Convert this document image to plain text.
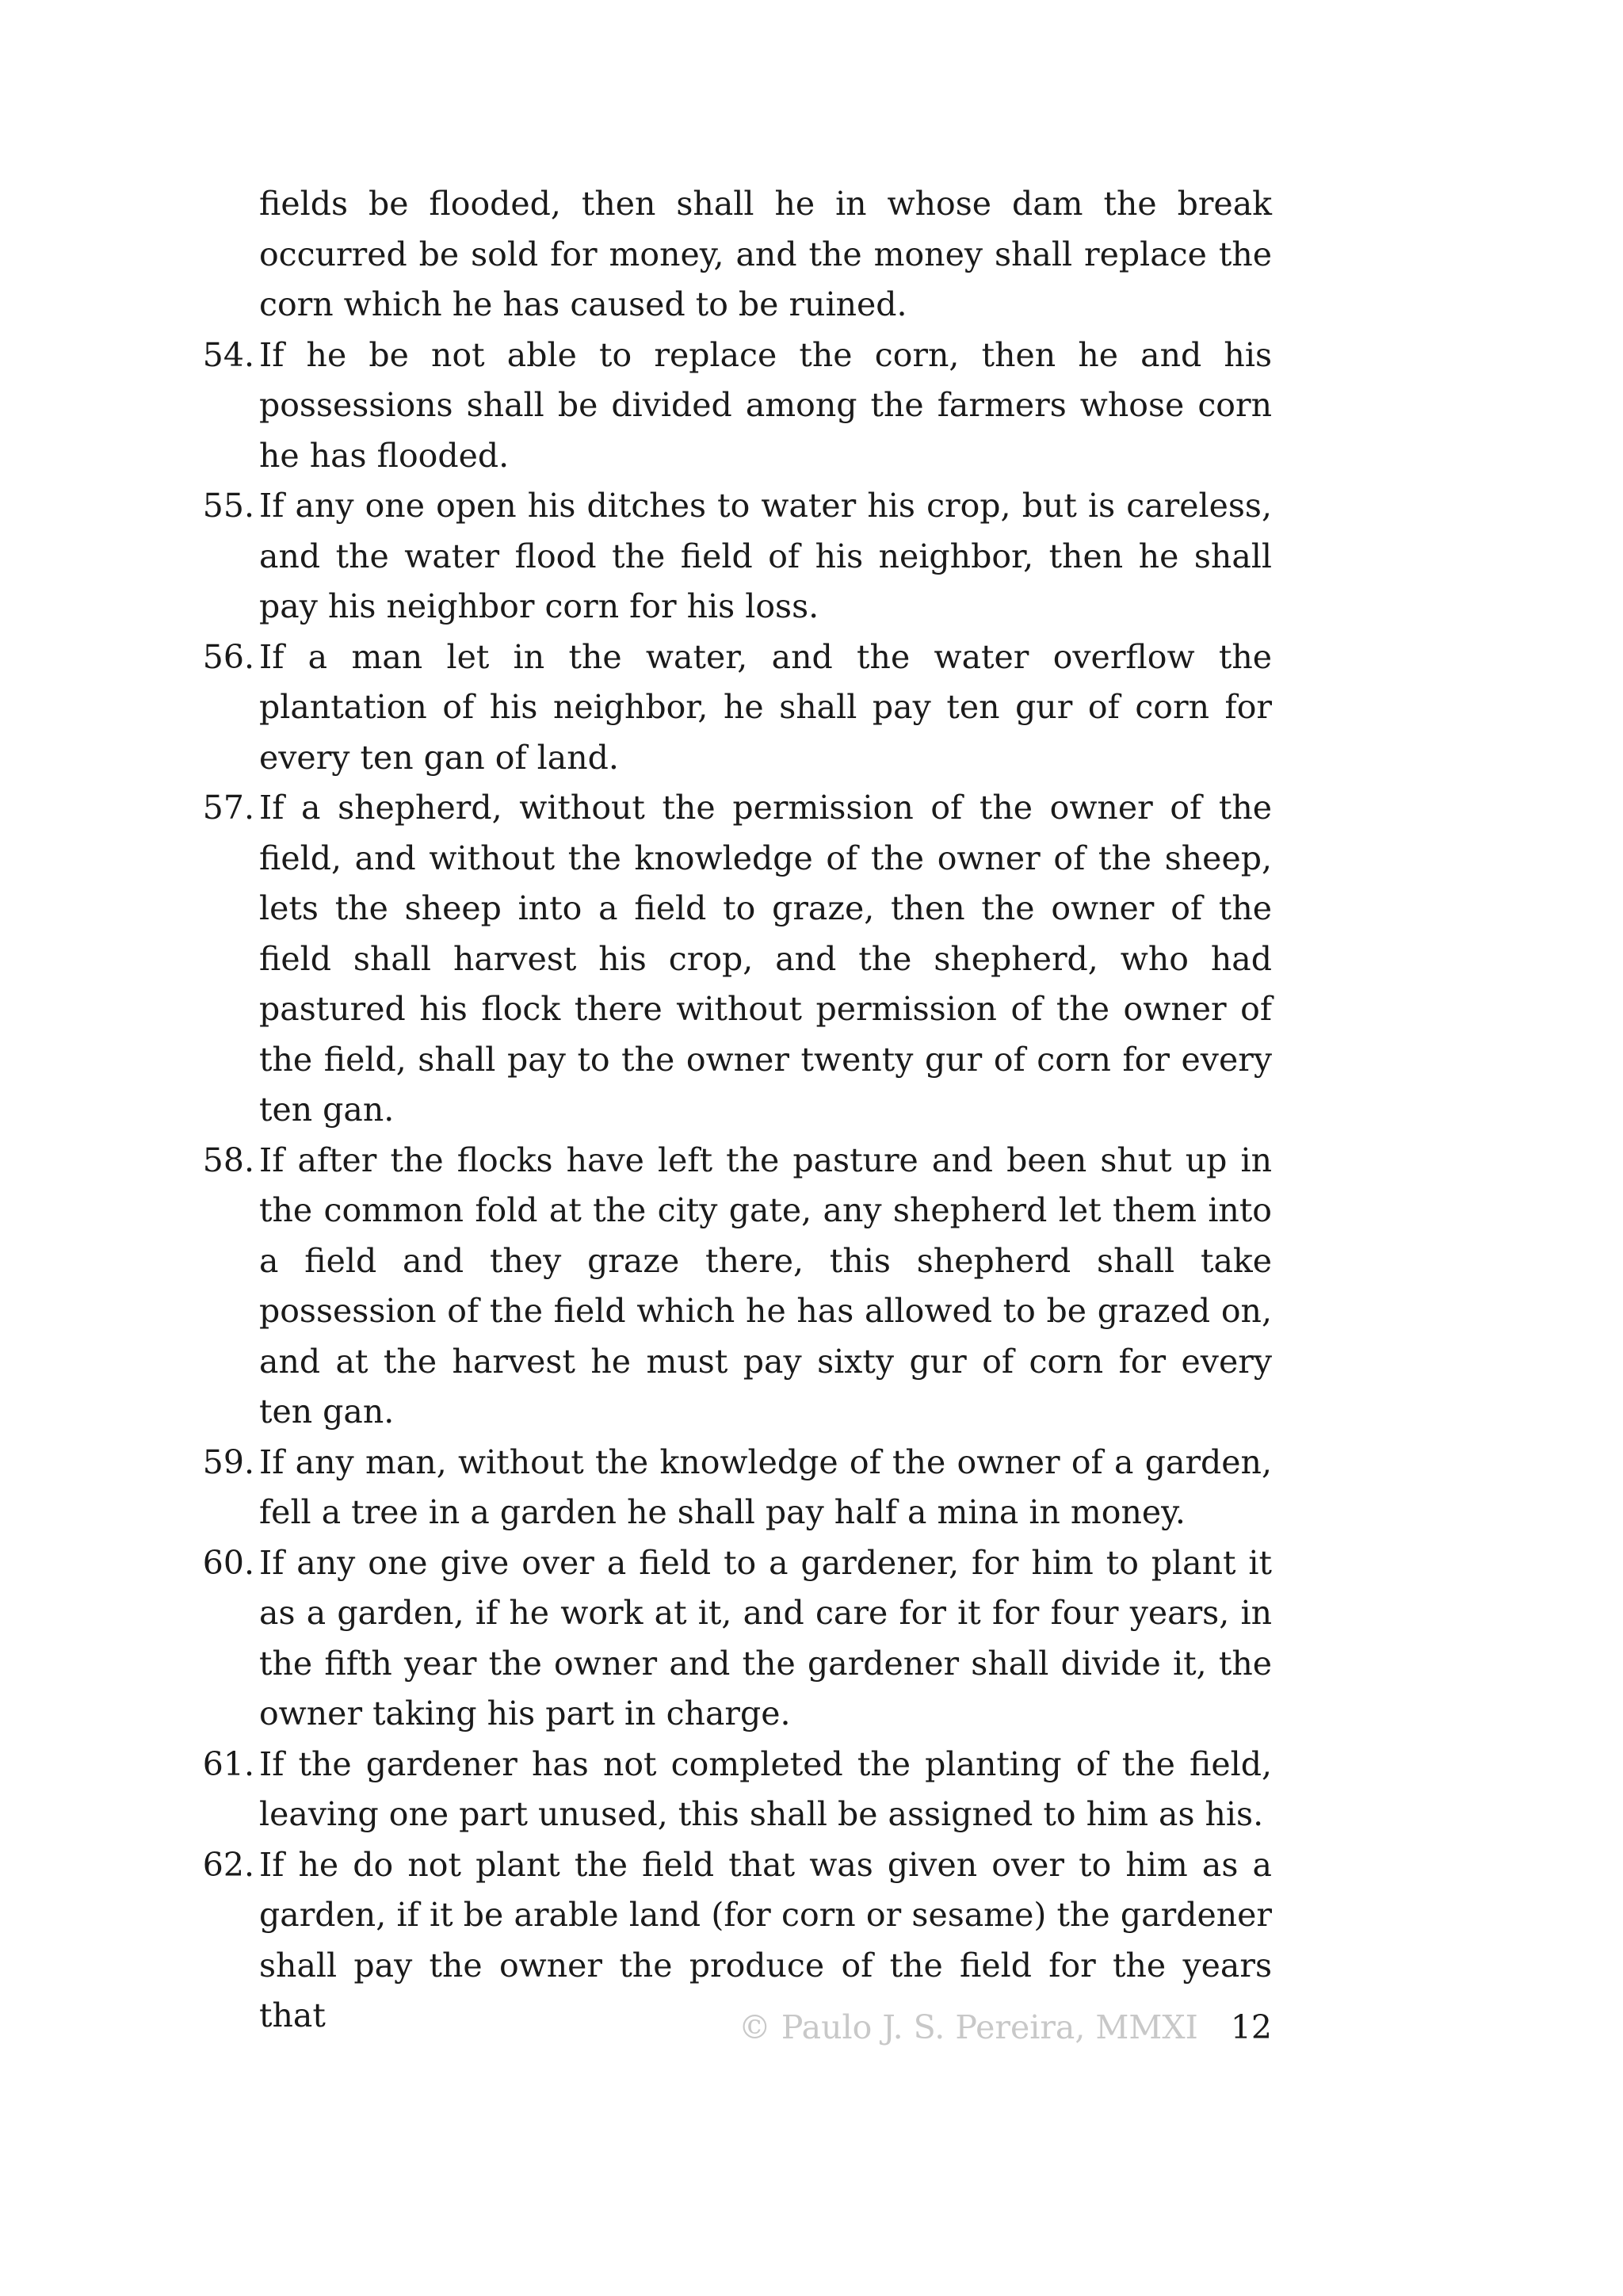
fields be flooded, then shall he in whose dam the break occurred be sold for money, and the money shall replace the corn which he has caused to be ruined.
54. If he be not able to replace the corn, then he and his possessions shall be divided among the farmers whose corn he has flooded.
55. If any one open his ditches to water his crop, but is careless, and the water flood the field of his neighbor, then he shall pay his neighbor corn for his loss.
56. If a man let in the water, and the water overflow the plantation of his neighbor, he shall pay ten gur of corn for every ten gan of land.
57. If a shepherd, without the permission of the owner of the field, and without the knowledge of the owner of the sheep, lets the sheep into a field to graze, then the owner of the field shall harvest his crop, and the shepherd, who had pastured his flock there without permission of the owner of the field, shall pay to the owner twenty gur of corn for every ten gan.
58. If after the flocks have left the pasture and been shut up in the common fold at the city gate, any shepherd let them into a field and they graze there, this shepherd shall take possession of the field which he has allowed to be grazed on, and at the harvest he must pay sixty gur of corn for every ten gan.
59. If any man, without the knowledge of the owner of a garden, fell a tree in a garden he shall pay half a mina in money.
60. If any one give over a field to a gardener, for him to plant it as a garden, if he work at it, and care for it for four years, in the fifth year the owner and the gardener shall divide it, the owner taking his part in charge.
61. If the gardener has not completed the planting of the field, leaving one part unused, this shall be assigned to him as his.
62. If he do not plant the field that was given over to him as a garden, if it be arable land (for corn or sesame) the gardener shall pay the owner the produce of the field for the years that	© Paulo J. S. Pereira, MMXI 12
